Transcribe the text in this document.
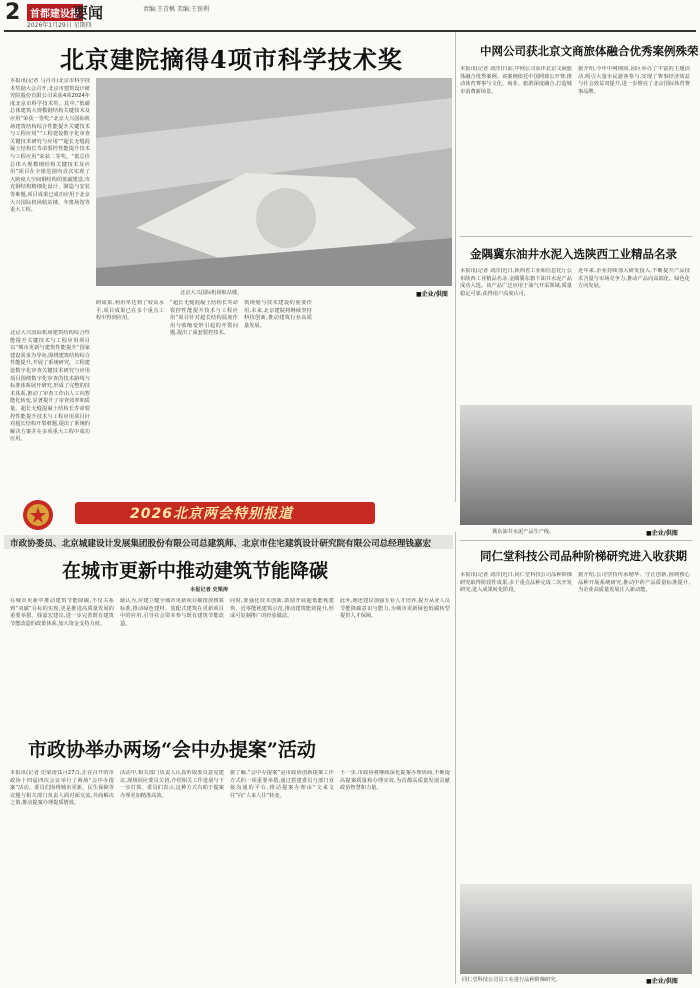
2 首都建设报
要闻
2026年1月29日 星期四
责编:王青枫 美编:王铁利
北京建院摘得4项市科学技术奖
本报讯(记者 马丹丹)北京市科学技术奖励大会召开,北京市建筑设计研究院股份有限公司荣获4项2024年度北京市科学技术奖。其中,“低碳总体建筑大规模钢结构关键技术及应用”荣获一等奖;“北京大兴国际机场建筑结构综合性能提升关键技术与工程应用”“工程建设数字化审查关键技术研究与应用”“超长无缝混凝土结构长寿命裂控性能提升技术与工程应用”荣获二等奖。“低总价总体大规模钢结构关键技术及应用”项目在全球范围内首次实现了大跨度大空间钢结构的低碳建设,攻克钢结构精细化设计、制造与安装等难题,项目成果已成功应用于北京大兴国际机场航站楼、冬奥场馆等重大工程。
北京大兴国际机场建筑结构综合性能提升关键技术与工程应用项目以“城市更新与建筑性能提升”国家建设需求为导向,围绕建筑结构综合性能提升,开展了系统研究。工程建设数字化审查关键技术研究与应用项目围绕数字化审查的技术路线与标准体系展开研究,形成了完整的技术体系,推动了审查工作由人工向智能化转变,显著提升了审查效率和质量。超长无缝混凝土结构长寿命裂控性能提升技术与工程应用项目针对超长结构开裂难题,提出了系统的解决方案并在多项重大工程中成功应用。
北京大兴国际机场航站楼。	■企业/供图
研成果,利用率达到了较高水平,项目成果已在多个重点工程中得到应用。
“超长无缝混凝土结构长寿命裂控性能提升技术与工程应用”项目针对超长结构温度作用与收缩变形引起的开裂问题,提出了成套裂控技术。
筑规划与技术建设的重要作用,未来,北京建院将继续坚持科技创新,推动建筑行业高质量发展。
中网公司获北京文商旅体融合优秀案例殊荣
本报讯(记者 刘洋)日前,中网公司获评北京文商旅体融合优秀案例。该案例依托中国网球公开赛,推动体育赛事与文化、商业、旅游深度融合,打造城市消费新场景。
据介绍,今年中网期间,园区举办了丰富的主题活动,吸引大量市民游客参与,实现了赛事经济效益与社会效益双提升,进一步擦亮了北京国际体育赛事品牌。
金隅冀东油井水泥入选陕西工业精品名录
本报讯(记者 刘洋)近日,陕西省工业和信息化厅公布陕西工业精品名录,金隅冀东旗下油井水泥产品成功入选。该产品广泛应用于油气开采领域,质量稳定可靠,获得用户高度认可。
近年来,企业持续加大研发投入,不断提升产品技术含量与市场竞争力,推动产品向高端化、绿色化方向发展。
冀东油井水泥产品生产线。	■企业/供图
2026北京两会特别报道
市政协委员、北京城建设计发展集团股份有限公司总建筑师、北京市住宅建筑设计研究院有限公司总经理钱嘉宏
在城市更新中推动建筑节能降碳
本报记者 史梁涛
在城市更新中推动建筑节能降碳,不仅关系到“双碳”目标的实现,更是推进高质量发展的重要举措。钱嘉宏建议,进一步完善既有建筑节能改造的政策体系,加大资金支持力度。
她认为,应建立健全城市更新项目碳排放核算标准,推动绿色建材、装配式建筑在更新项目中的应用,引导社会资本参与既有建筑节能改造。
同时,要强化技术创新,鼓励开展超低能耗建筑、近零能耗建筑示范,推动建筑能效提升,形成可复制推广的经验做法。
此外,她还建议加强专业人才培养,提升从业人员节能降碳意识与能力,为城市更新绿色低碳转型提供人才保障。
市政协举办两场“会中办提案”活动
本报讯(记者 史梁涛)1月27日,正在召开的市政协十四届四次会议举行了两场“会中办提案”活动。委员们围绕城市更新、民生保障等议题与相关部门负责人面对面交流,共商解决之策,推动提案办理提质增效。
活动中,相关部门负责人认真听取委员意见建议,现场回应委员关切,介绍相关工作进展与下一步打算。委员们表示,这种方式有助于提案办理更加精准高效。
据了解,“会中办提案”是市政协创新提案工作方式的一项重要举措,通过搭建委员与部门直接沟通的平台,推动提案办理由“文来文往”向“人来人往”转变。
下一步,市政协将继续深化提案办理协商,不断提高提案质量和办理实效,为首都高质量发展贡献政协智慧和力量。
同仁堂科技公司品种阶梯研究进入收获期
本报讯(记者 刘洋)近日,同仁堂科技公司品种阶梯研究取得阶段性成果,多个重点品种完成二次开发研究,进入成果转化阶段。
据介绍,公司坚持传承精华、守正创新,围绕核心品种开展系统研究,推动中药产品质量标准提升,为企业高质量发展注入新动能。
同仁堂科技公司员工在进行品种阶梯研究。	■企业/供图
